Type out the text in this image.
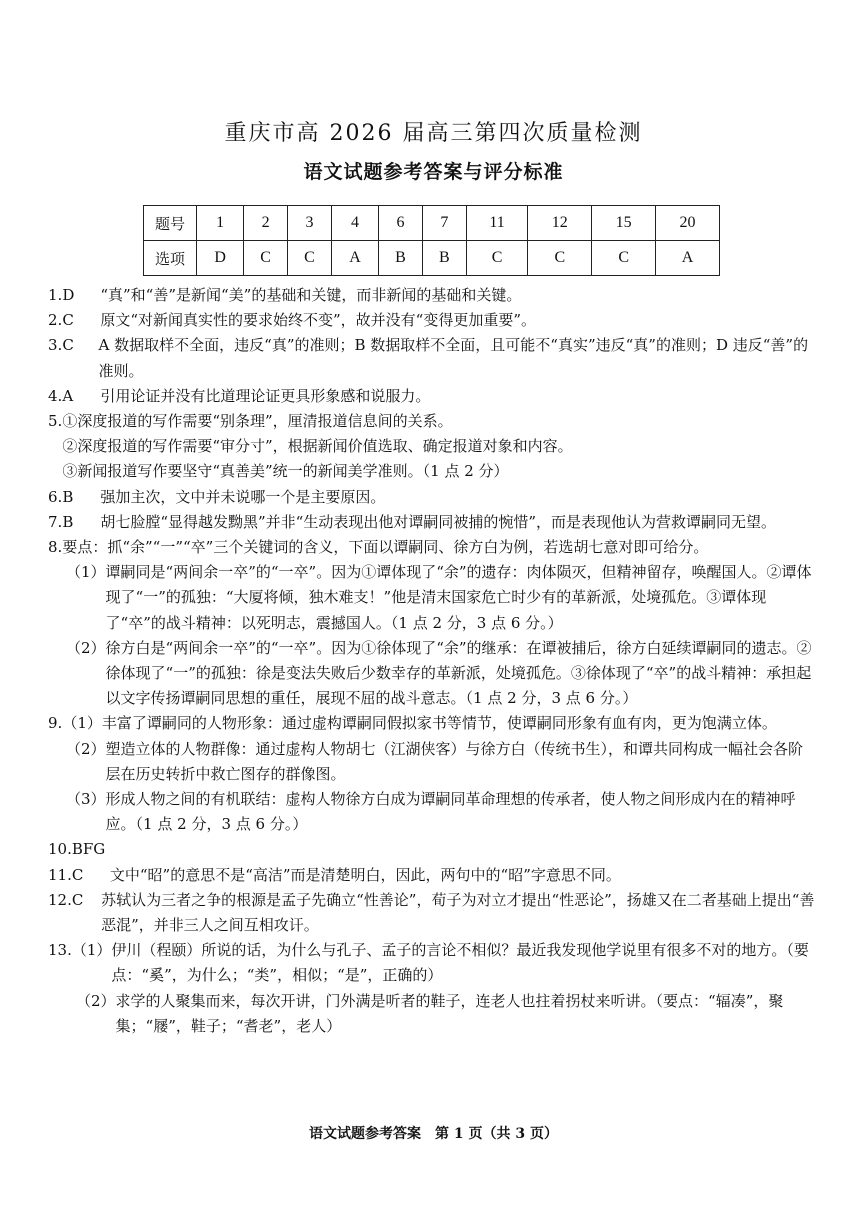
重庆市高 2026 届高三第四次质量检测
语文试题参考答案与评分标准
题号	1	2	3	4	6	7	11	12	15	20
选项	D	C	C	A	B	B	C	C	C	A
1. D	“真”和“善”是新闻“美”的基础和关键，而非新闻的基础和关键。
2. C	原文“对新闻真实性的要求始终不变”，故并没有“变得更加重要”。
3. C	A 数据取样不全面，违反“真”的准则；B 数据取样不全面，且可能不“真实”违反“真”的准则；D 违反“善”的准则。
4. A	引用论证并没有比道理论证更具形象感和说服力。
5. ①深度报道的写作需要“别条理”，厘清报道信息间的关系。
②深度报道的写作需要“审分寸”，根据新闻价值选取、确定报道对象和内容。
③新闻报道写作要坚守“真善美”统一的新闻美学准则。（1 点 2 分）
6. B	强加主次，文中并未说哪一个是主要原因。
7. B	胡七脸膛“显得越发黝黑”并非“生动表现出他对谭嗣同被捕的惋惜”，而是表现他认为营救谭嗣同无望。
8. 要点：抓“余”“一”“卒”三个关键词的含义，下面以谭嗣同、徐方白为例，若选胡七意对即可给分。
（1） 谭嗣同是“两间余一卒”的“一卒”。因为①谭体现了“余”的遗存：肉体陨灭，但精神留存，唤醒国人。②谭体现了“一”的孤独：“大厦将倾，独木难支！”他是清末国家危亡时少有的革新派，处境孤危。③谭体现了“卒”的战斗精神：以死明志，震撼国人。（1 点 2 分，3 点 6 分。）
（2） 徐方白是“两间余一卒”的“一卒”。因为①徐体现了“余”的继承：在谭被捕后，徐方白延续谭嗣同的遗志。②徐体现了“一”的孤独：徐是变法失败后少数幸存的革新派，处境孤危。③徐体现了“卒”的战斗精神：承担起以文字传扬谭嗣同思想的重任，展现不屈的战斗意志。（1 点 2 分，3 点 6 分。）
9. （1） 丰富了谭嗣同的人物形象：通过虚构谭嗣同假拟家书等情节，使谭嗣同形象有血有肉，更为饱满立体。
（2） 塑造立体的人物群像：通过虚构人物胡七（江湖侠客）与徐方白（传统书生），和谭共同构成一幅社会各阶层在历史转折中救亡图存的群像图。
（3） 形成人物之间的有机联结：虚构人物徐方白成为谭嗣同革命理想的传承者，使人物之间形成内在的精神呼应。（1 点 2 分，3 点 6 分。）
10. BFG
11. C	文中“昭”的意思不是“高洁”而是清楚明白，因此，两句中的“昭”字意思不同。
12. C	苏轼认为三者之争的根源是孟子先确立“性善论”，荀子为对立才提出“性恶论”，扬雄又在二者基础上提出“善恶混”，并非三人之间互相攻讦。
13. （1） 伊川（程颐）所说的话，为什么与孔子、孟子的言论不相似？最近我发现他学说里有很多不对的地方。（要点：“奚”，为什么；“类”，相似；“是”，正确的）
（2） 求学的人聚集而来，每次开讲，门外满是听者的鞋子，连老人也拄着拐杖来听讲。（要点：“辐凑”，聚集；“屦”，鞋子；“耆老”，老人）
语文试题参考答案　第 1 页（共 3 页）
